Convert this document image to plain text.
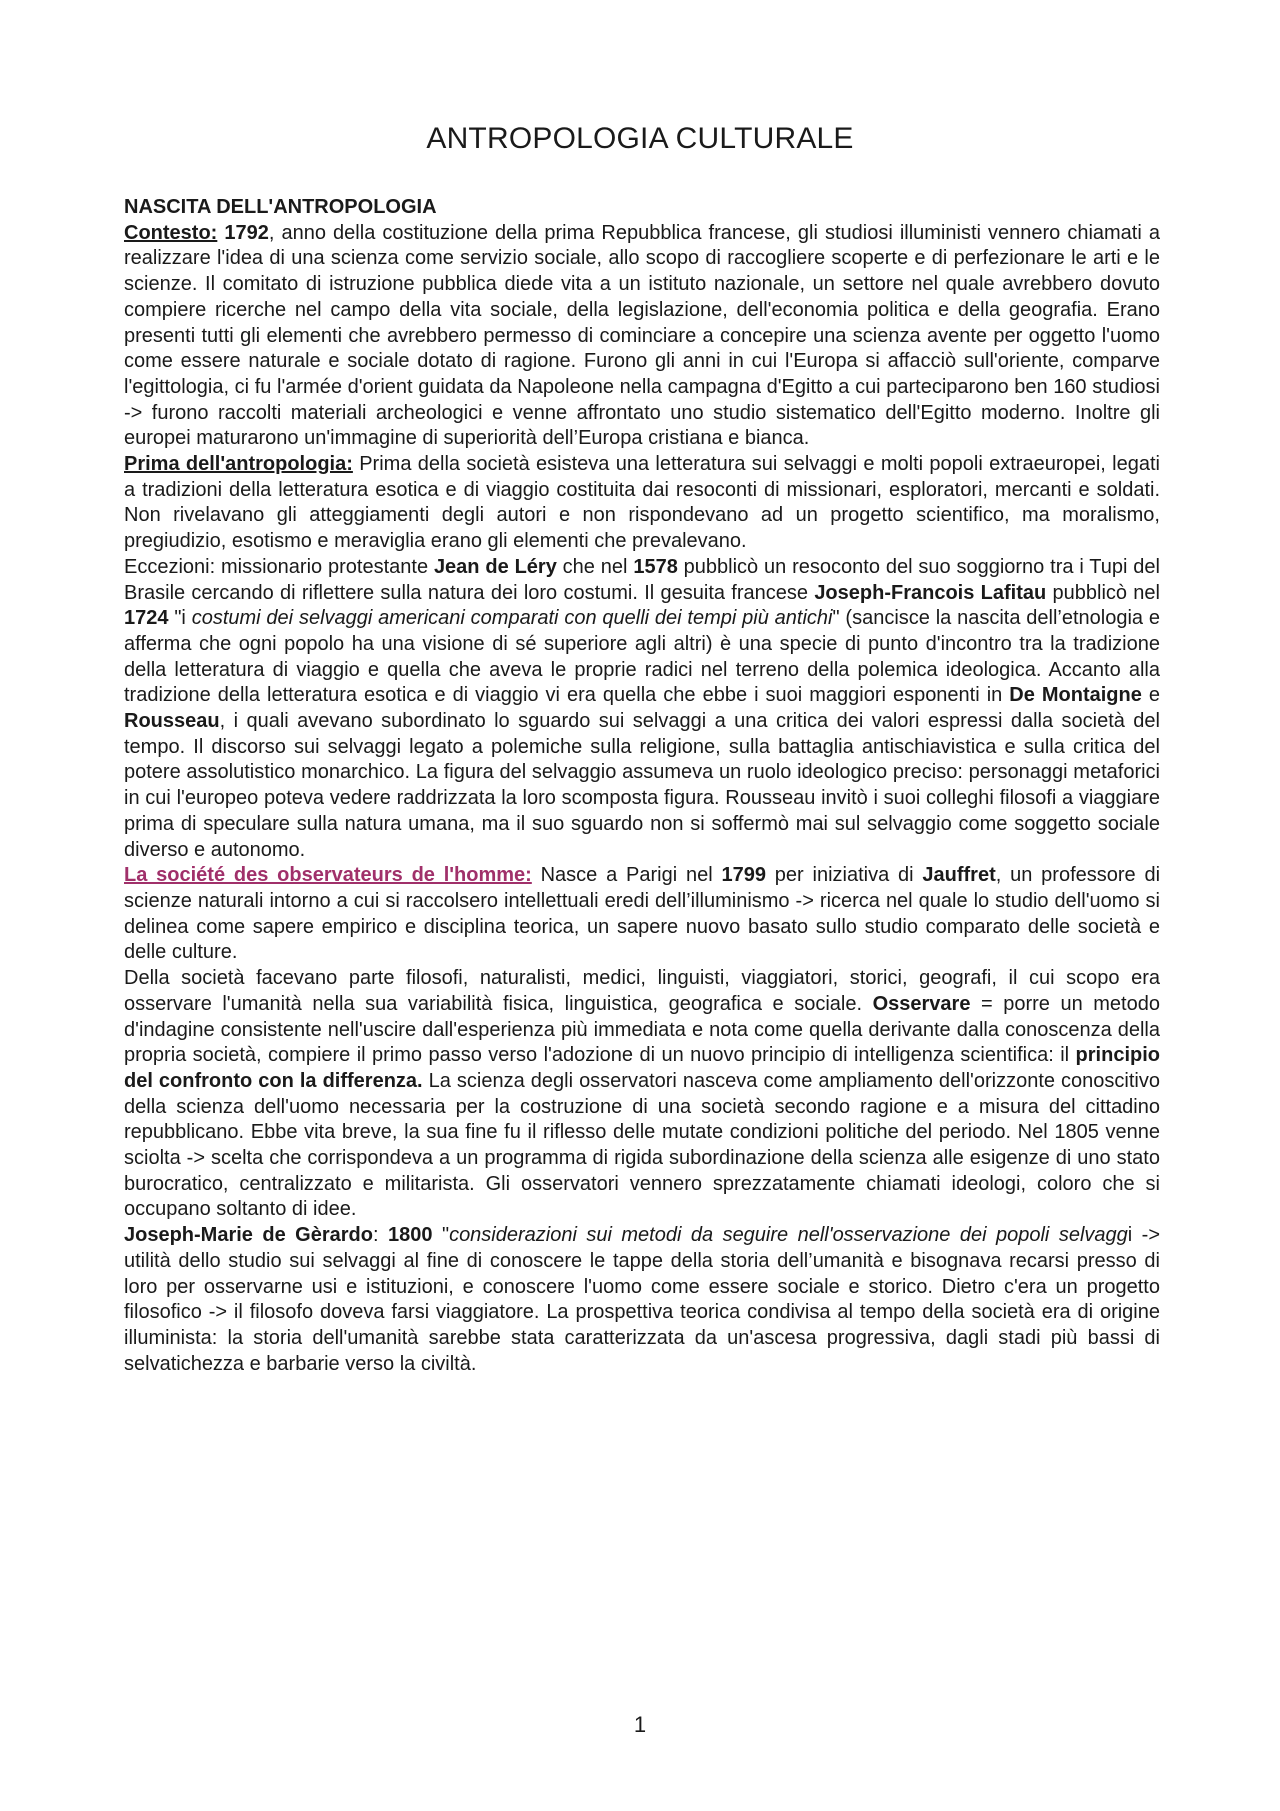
ANTROPOLOGIA CULTURALE

NASCITA DELL'ANTROPOLOGIA

Contesto: 1792, anno della costituzione della prima Repubblica francese, gli studiosi illuministi vennero chiamati a realizzare l'idea di una scienza come servizio sociale, allo scopo di raccogliere scoperte e di perfezionare le arti e le scienze. Il comitato di istruzione pubblica diede vita a un istituto nazionale, un settore nel quale avrebbero dovuto compiere ricerche nel campo della vita sociale, della legislazione, dell'economia politica e della geografia. Erano presenti tutti gli elementi che avrebbero permesso di cominciare a concepire una scienza avente per oggetto l'uomo come essere naturale e sociale dotato di ragione. Furono gli anni in cui l'Europa si affacciò sull'oriente, comparve l'egittologia, ci fu l'armée d'orient guidata da Napoleone nella campagna d'Egitto a cui parteciparono ben 160 studiosi -> furono raccolti materiali archeologici e venne affrontato uno studio sistematico dell'Egitto moderno. Inoltre gli europei maturarono un'immagine di superiorità dell’Europa cristiana e bianca.

Prima dell'antropologia: Prima della società esisteva una letteratura sui selvaggi e molti popoli extraeuropei, legati a tradizioni della letteratura esotica e di viaggio costituita dai resoconti di missionari, esploratori, mercanti e soldati. Non rivelavano gli atteggiamenti degli autori e non rispondevano ad un progetto scientifico, ma moralismo, pregiudizio, esotismo e meraviglia erano gli elementi che prevalevano.

Eccezioni: missionario protestante Jean de Léry che nel 1578 pubblicò un resoconto del suo soggiorno tra i Tupi del Brasile cercando di riflettere sulla natura dei loro costumi. Il gesuita francese Joseph-Francois Lafitau pubblicò nel 1724 "i costumi dei selvaggi americani comparati con quelli dei tempi più antichi" (sancisce la nascita dell’etnologia e afferma che ogni popolo ha una visione di sé superiore agli altri) è una specie di punto d'incontro tra la tradizione della letteratura di viaggio e quella che aveva le proprie radici nel terreno della polemica ideologica. Accanto alla tradizione della letteratura esotica e di viaggio vi era quella che ebbe i suoi maggiori esponenti in De Montaigne e Rousseau, i quali avevano subordinato lo sguardo sui selvaggi a una critica dei valori espressi dalla società del tempo. Il discorso sui selvaggi legato a polemiche sulla religione, sulla battaglia antischiavistica e sulla critica del potere assolutistico monarchico. La figura del selvaggio assumeva un ruolo ideologico preciso: personaggi metaforici in cui l'europeo poteva vedere raddrizzata la loro scomposta figura. Rousseau invitò i suoi colleghi filosofi a viaggiare prima di speculare sulla natura umana, ma il suo sguardo non si soffermò mai sul selvaggio come soggetto sociale diverso e autonomo.

La société des observateurs de l'homme: Nasce a Parigi nel 1799 per iniziativa di Jauffret, un professore di scienze naturali intorno a cui si raccolsero intellettuali eredi dell’illuminismo -> ricerca nel quale lo studio dell'uomo si delinea come sapere empirico e disciplina teorica, un sapere nuovo basato sullo studio comparato delle società e delle culture.

Della società facevano parte filosofi, naturalisti, medici, linguisti, viaggiatori, storici, geografi, il cui scopo era osservare l'umanità nella sua variabilità fisica, linguistica, geografica e sociale. Osservare = porre un metodo d'indagine consistente nell'uscire dall'esperienza più immediata e nota come quella derivante dalla conoscenza della propria società, compiere il primo passo verso l'adozione di un nuovo principio di intelligenza scientifica: il principio del confronto con la differenza. La scienza degli osservatori nasceva come ampliamento dell'orizzonte conoscitivo della scienza dell'uomo necessaria per la costruzione di una società secondo ragione e a misura del cittadino repubblicano. Ebbe vita breve, la sua fine fu il riflesso delle mutate condizioni politiche del periodo. Nel 1805 venne sciolta -> scelta che corrispondeva a un programma di rigida subordinazione della scienza alle esigenze di uno stato burocratico, centralizzato e militarista. Gli osservatori vennero sprezzatamente chiamati ideologi, coloro che si occupano soltanto di idee.

Joseph-Marie de Gèrardo: 1800 "considerazioni sui metodi da seguire nell'osservazione dei popoli selvaggi -> utilità dello studio sui selvaggi al fine di conoscere le tappe della storia dell’umanità e bisognava recarsi presso di loro per osservarne usi e istituzioni, e conoscere l'uomo come essere sociale e storico. Dietro c'era un progetto filosofico -> il filosofo doveva farsi viaggiatore. La prospettiva teorica condivisa al tempo della società era di origine illuminista: la storia dell'umanità sarebbe stata caratterizzata da un'ascesa progressiva, dagli stadi più bassi di selvatichezza e barbarie verso la civiltà.

1
